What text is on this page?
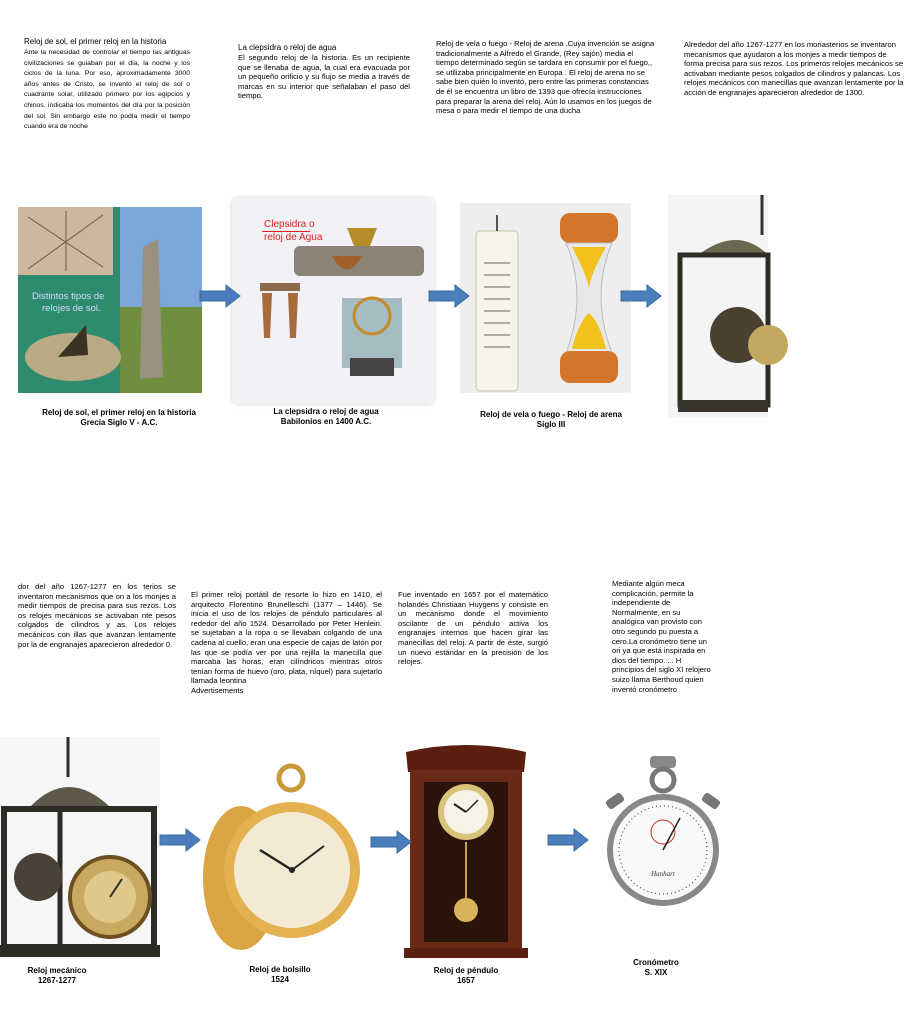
Reloj de sol, el primer reloj en la historia
Ante la necesidad de controlar el tiempo las antiguas civilizaciones se guiaban por el día, la noche y los ciclos de la luna. Por eso, aproximadamente 3000 años antes de Cristo, se inventó el reloj de sol o cuadrante solar, utilizado primero por los egipcios y chinos. indicaba los momentos del día por la posición del sol. Sin embargo este no podía medir el tiempo cuando era de noche
La clepsidra o reloj de agua
El segundo reloj de la historia. Es un recipiente que se llenaba de agua, la cual era evacuada por un pequeño orificio y su flujo se media a través de marcas en su interior que señalaban el paso del tiempo.
Reloj de vela o fuego - Reloj de arena .Cuya invención se asigna tradicionalmente a Alfredo el Grande, (Rey sajón) media el tiempo determinado según se tardara en consumir por el fuego,, se utilizaba principalmente en Europa . El reloj de arena no se sabe bien quién lo inventó, pero entre las primeras constancias de él se encuentra un libro de 1393 que ofrecía instrucciones para preparar la arena del reloj. Aún lo usamos en los juegos de mesa o para medir el tiempo de una ducha
Alrededor del año 1267-1277 en los monasterios se inventaron mecanismos que ayudaron a los monjes a medir tiempos de forma precisa para sus rezos. Los primeros relojes mecánicos se activaban mediante pesos colgados de cilindros y palancas. Los relojes mecánicos con manecillas que avanzan lentamente por la acción de engranajes aparecieron alrededor de 1300.
Distintos tipos de
relojes de sol.
Clepsidra o
reloj de Agua
Reloj de sol, el primer reloj en la historia
Grecia Siglo V - A.C.
La clepsidra o reloj de agua
Babilonios en 1400 A.C.
Reloj de vela o fuego - Reloj de arena
Siglo III
dor del año 1267-1277 en los terios se inventaron mecanismos que on a los monjes a medir tiempos de precisa para sus rezos. Los os relojes mecánicos se activaban nte pesos colgados de cilindros y as. Los relojes mecánicos con illas que avanzan lentamente por la de engranajes aparecieron alrededor 0.
El primer reloj portátil de resorte lo hizo en 1410, el arquitecto Florentino Brunelleschi (1377 – 1446). Se inicia el uso de los relojes de péndulo particulares al rededor del año 1524. Desarrollado por Peter Henlein. se sujetaban a la ropa o se llevaban colgando de una cadena al cuello, eran una especie de cajas de latón por las que se podía ver por una rejilla la manecilla que marcaba las horas, eran cilíndricos mientras otros tenían forma de huevo (oro, plata, níquel) para sujetarlo llamada leontina
Advertisements
Fue inventado en 1657 por el matemático holandés Christiaan Huygens y consiste en un mecanismo donde el movimiento oscilante de un péndulo activa los engranajes internos que hacen girar las manecillas del reloj. A partir de éste, surgió un nuevo estándar en la precisión de los relojes.
Mediante algún meca complicación, permite la independiente de Normalmente, en su analógica van provisto con otro segundo pu puesta a cero.La cronómetro tiene un ori ya que está inspirada en dios del tiempo. ... H principios del siglo XI relojero suizo llama Berthoud quien inventó cronómetro
Hanhart
Reloj mecánico
1267-1277
Reloj de bolsillo
1524
Reloj de péndulo
1657
Cronómetro
S. XIX
